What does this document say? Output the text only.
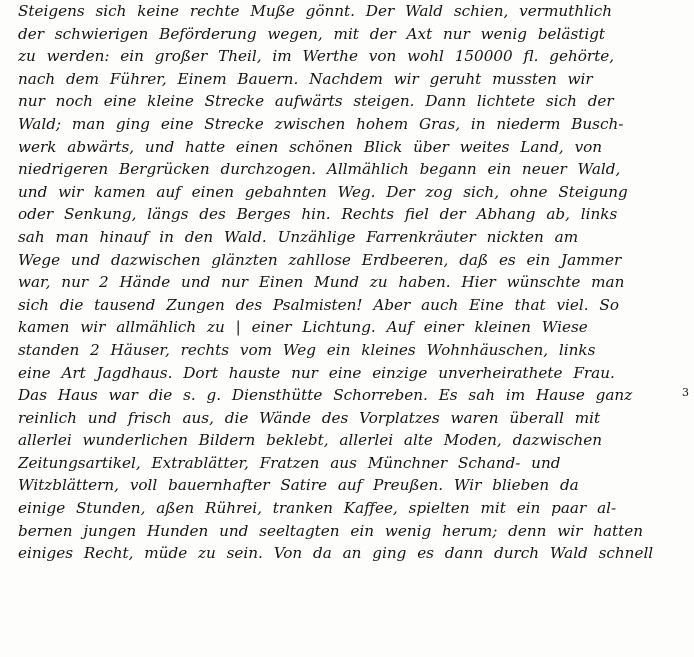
Steigens sich keine rechte Muße gönnt. Der Wald schien, vermuthlich
der schwierigen Beförderung wegen, mit der Axt nur wenig belästigt
zu werden: ein großer Theil, im Werthe von wohl 150000 fl. gehörte,
nach dem Führer, Einem Bauern. Nachdem wir geruht mussten wir
nur noch eine kleine Strecke aufwärts steigen. Dann lichtete sich der
Wald; man ging eine Strecke zwischen hohem Gras, in niederm Busch-
werk abwärts, und hatte einen schönen Blick über weites Land, von
niedrigeren Bergrücken durchzogen. Allmählich begann ein neuer Wald,
und wir kamen auf einen gebahnten Weg. Der zog sich, ohne Steigung
oder Senkung, längs des Berges hin. Rechts fiel der Abhang ab, links
sah man hinauf in den Wald. Unzählige Farrenkräuter nickten am
Wege und dazwischen glänzten zahllose Erdbeeren, daß es ein Jammer
war, nur 2 Hände und nur Einen Mund zu haben. Hier wünschte man
sich die tausend Zungen des Psalmisten! Aber auch Eine that viel. So
kamen wir allmählich zu | einer Lichtung. Auf einer kleinen Wiese
standen 2 Häuser, rechts vom Weg ein kleines Wohnhäuschen, links
eine Art Jagdhaus. Dort hauste nur eine einzige unverheirathete Frau.
Das Haus war die s. g. Diensthütte Schorreben. Es sah im Hause ganz
reinlich und frisch aus, die Wände des Vorplatzes waren überall mit
allerlei wunderlichen Bildern beklebt, allerlei alte Moden, dazwischen
Zeitungsartikel, Extrablätter, Fratzen aus Münchner Schand- und
Witzblättern, voll bauernhafter Satire auf Preußen. Wir blieben da
einige Stunden, aßen Rührei, tranken Kaffee, spielten mit ein paar al-
bernen jungen Hunden und seeltagten ein wenig herum; denn wir hatten
einiges Recht, müde zu sein. Von da an ging es dann durch Wald schnell
3
